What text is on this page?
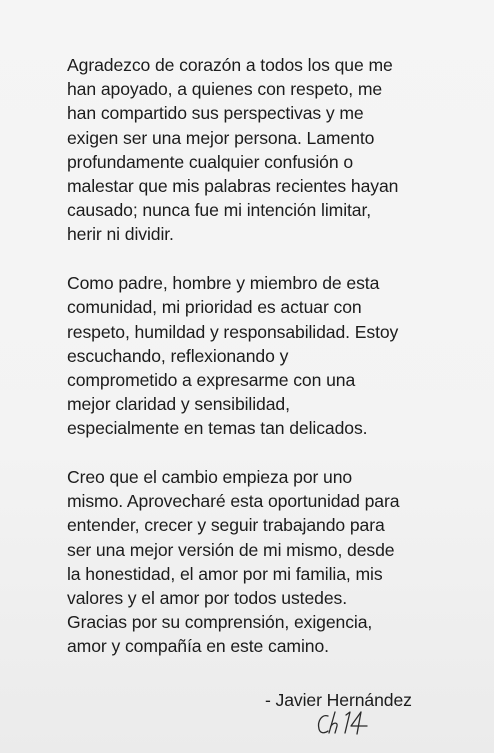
Agradezco de corazón a todos los que me
han apoyado, a quienes con respeto, me
han compartido sus perspectivas y me
exigen ser una mejor persona. Lamento
profundamente cualquier confusión o
malestar que mis palabras recientes hayan
causado; nunca fue mi intención limitar,
herir ni dividir.

Como padre, hombre y miembro de esta
comunidad, mi prioridad es actuar con
respeto, humildad y responsabilidad. Estoy
escuchando, reflexionando y
comprometido a expresarme con una
mejor claridad y sensibilidad,
especialmente en temas tan delicados.

Creo que el cambio empieza por uno
mismo. Aprovecharé esta oportunidad para
entender, crecer y seguir trabajando para
ser una mejor versión de mi mismo, desde
la honestidad, el amor por mi familia, mis
valores y el amor por todos ustedes.
Gracias por su comprensión, exigencia,
amor y compañía en este camino.

- Javier Hernández
